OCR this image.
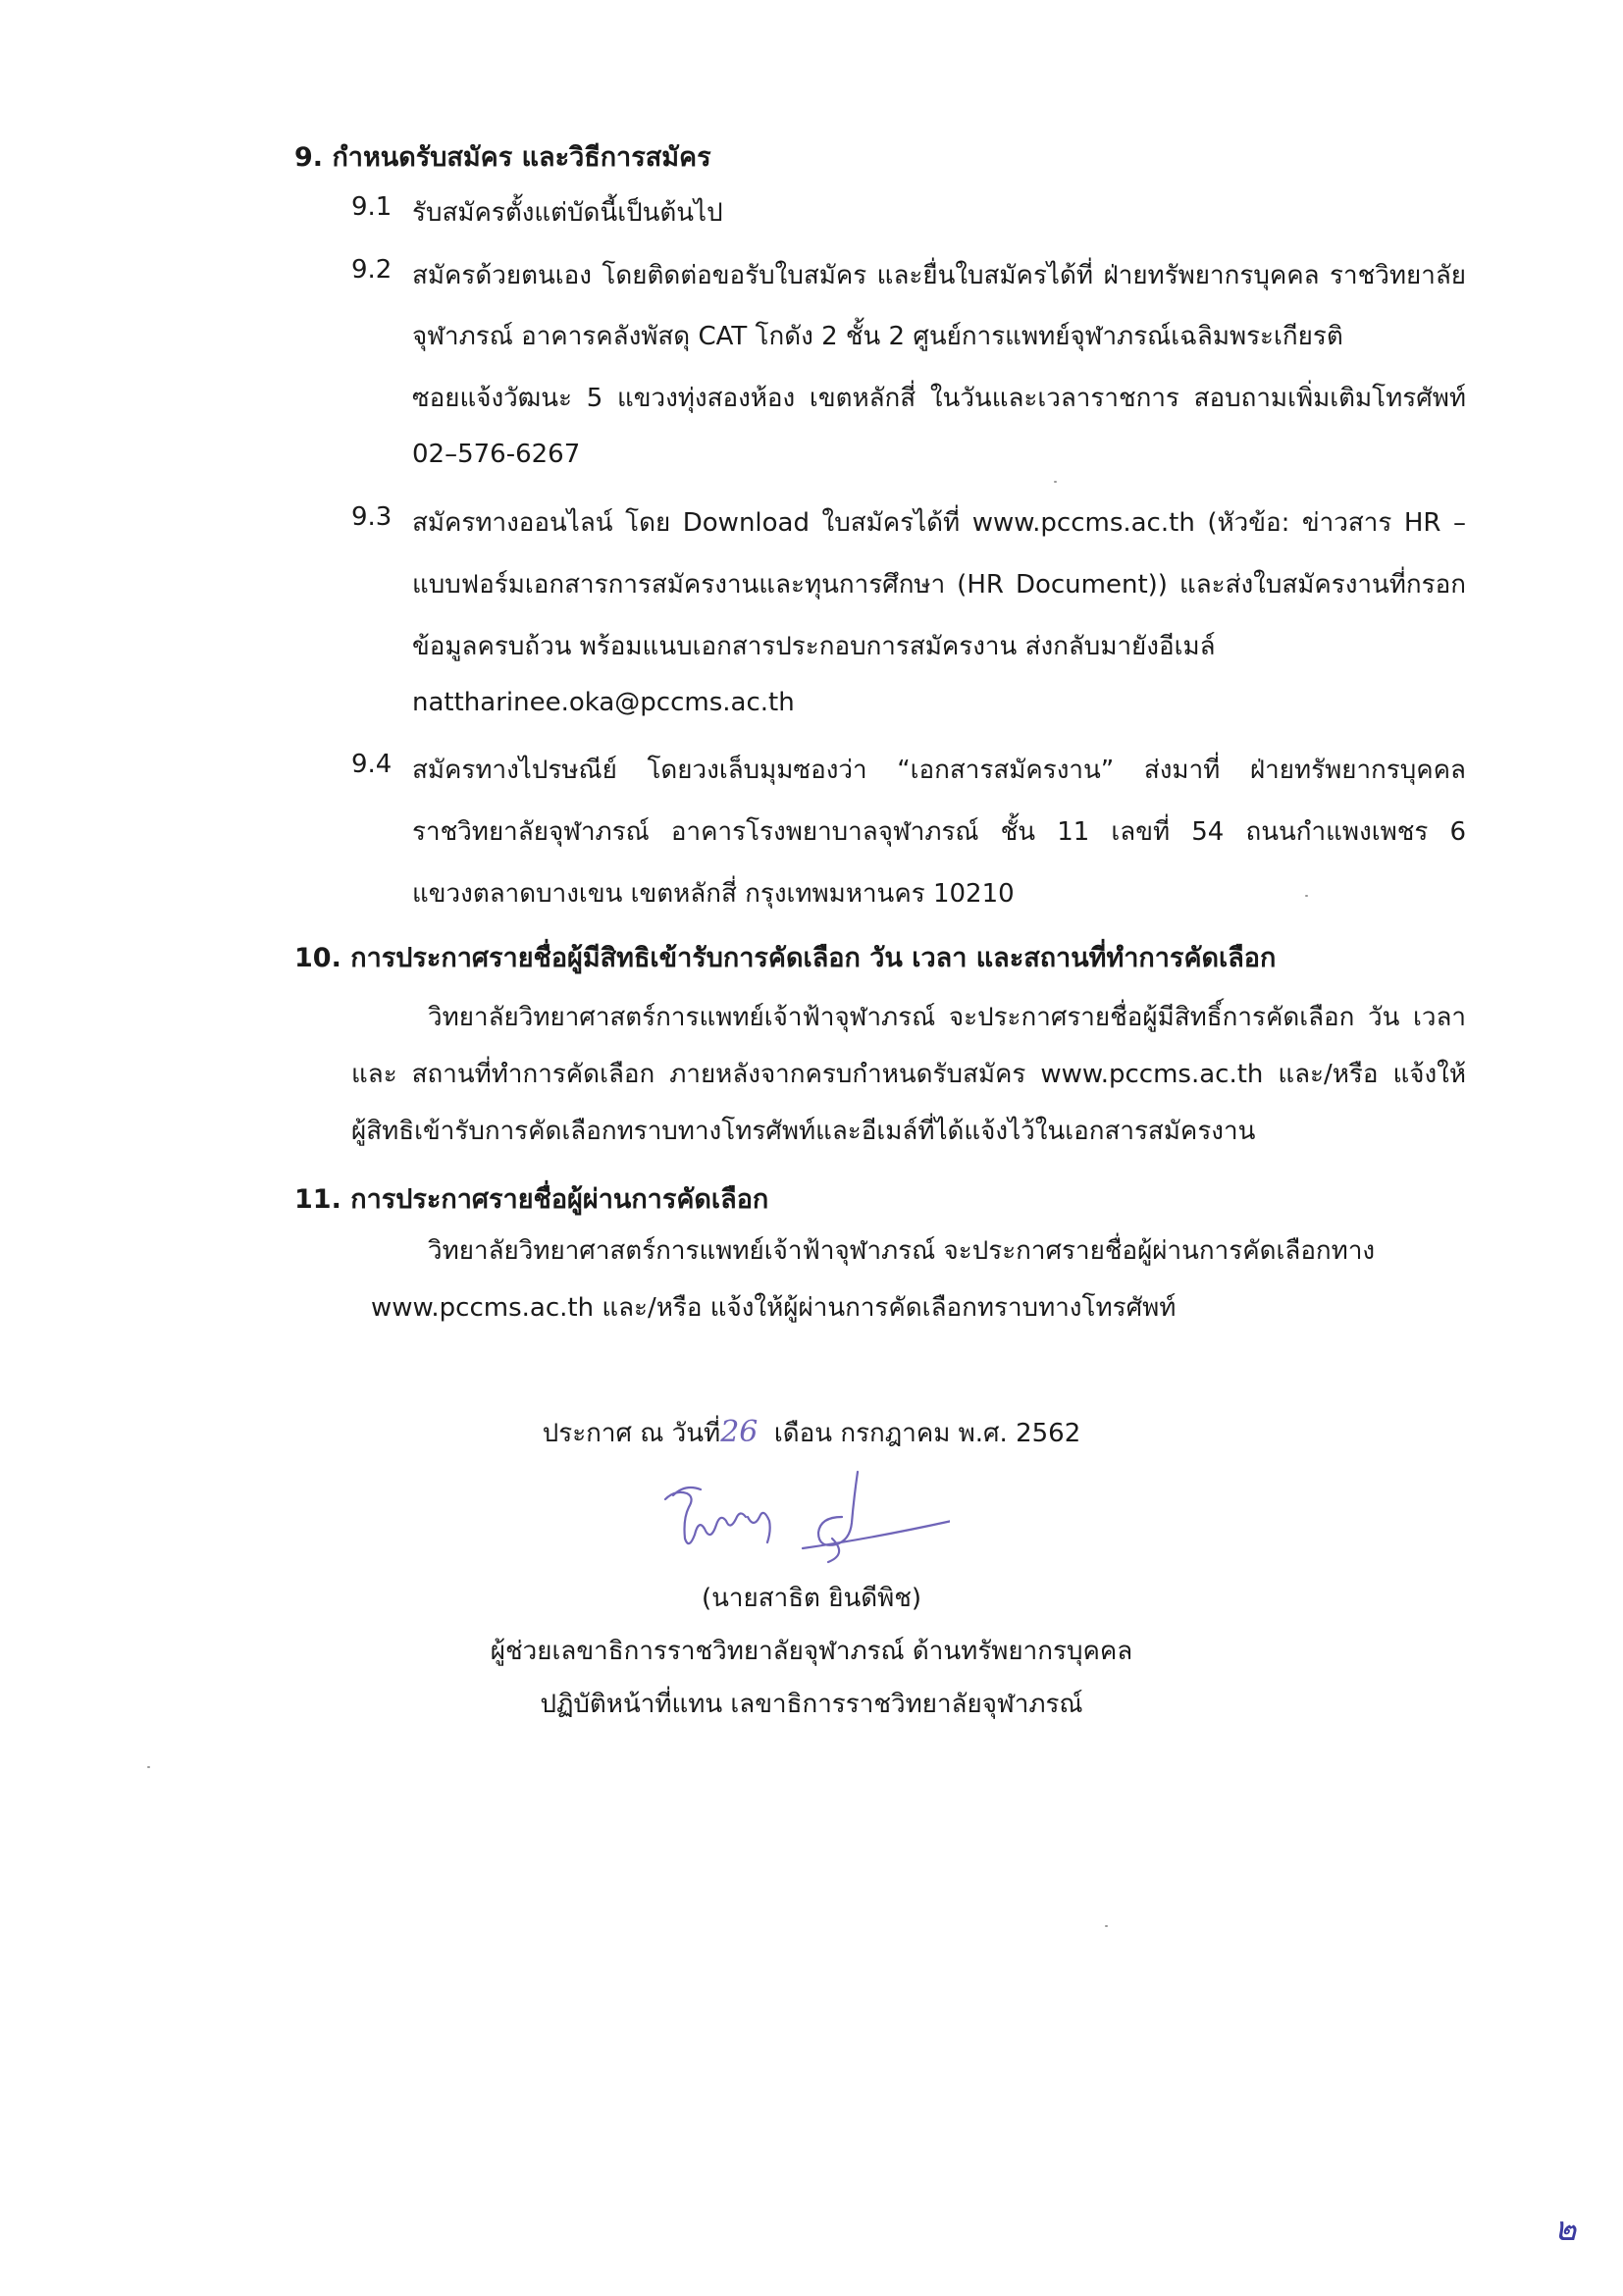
9. กำหนดรับสมัคร และวิธีการสมัคร
9.1 รับสมัครตั้งแต่บัดนี้เป็นต้นไป
9.2 สมัครด้วยตนเอง โดยติดต่อขอรับใบสมัคร และยื่นใบสมัครได้ที่ ฝ่ายทรัพยากรบุคคล ราชวิทยาลัย
จุฬาภรณ์ อาคารคลังพัสดุ CAT โกดัง 2 ชั้น 2 ศูนย์การแพทย์จุฬาภรณ์เฉลิมพระเกียรติ
ซอยแจ้งวัฒนะ 5 แขวงทุ่งสองห้อง เขตหลักสี่ ในวันและเวลาราชการ สอบถามเพิ่มเติมโทรศัพท์
02–576-6267
9.3 สมัครทางออนไลน์ โดย Download ใบสมัครได้ที่ www.pccms.ac.th (หัวข้อ: ข่าวสาร HR –
แบบฟอร์มเอกสารการสมัครงานและทุนการศึกษา (HR Document)) และส่งใบสมัครงานที่กรอก
ข้อมูลครบถ้วน พร้อมแนบเอกสารประกอบการสมัครงาน ส่งกลับมายังอีเมล์
nattharinee.oka@pccms.ac.th
9.4 สมัครทางไปรษณีย์ โดยวงเล็บมุมซองว่า “เอกสารสมัครงาน” ส่งมาที่ ฝ่ายทรัพยากรบุคคล
ราชวิทยาลัยจุฬาภรณ์ อาคารโรงพยาบาลจุฬาภรณ์ ชั้น 11 เลขที่ 54 ถนนกำแพงเพชร 6
แขวงตลาดบางเขน เขตหลักสี่ กรุงเทพมหานคร 10210
10. การประกาศรายชื่อผู้มีสิทธิเข้ารับการคัดเลือก วัน เวลา และสถานที่ทำการคัดเลือก
วิทยาลัยวิทยาศาสตร์การแพทย์เจ้าฟ้าจุฬาภรณ์ จะประกาศรายชื่อผู้มีสิทธิ์การคัดเลือก วัน เวลา
และ สถานที่ทำการคัดเลือก ภายหลังจากครบกำหนดรับสมัคร www.pccms.ac.th และ/หรือ แจ้งให้
ผู้สิทธิเข้ารับการคัดเลือกทราบทางโทรศัพท์และอีเมล์ที่ได้แจ้งไว้ในเอกสารสมัครงาน
11. การประกาศรายชื่อผู้ผ่านการคัดเลือก
วิทยาลัยวิทยาศาสตร์การแพทย์เจ้าฟ้าจุฬาภรณ์ จะประกาศรายชื่อผู้ผ่านการคัดเลือกทาง
www.pccms.ac.th และ/หรือ แจ้งให้ผู้ผ่านการคัดเลือกทราบทางโทรศัพท์
ประกาศ ณ วันที่26 เดือน กรกฎาคม พ.ศ. 2562
(นายสาธิต ยินดีพิช)
ผู้ช่วยเลขาธิการราชวิทยาลัยจุฬาภรณ์ ด้านทรัพยากรบุคคล
ปฏิบัติหน้าที่แทน เลขาธิการราชวิทยาลัยจุฬาภรณ์
๒
